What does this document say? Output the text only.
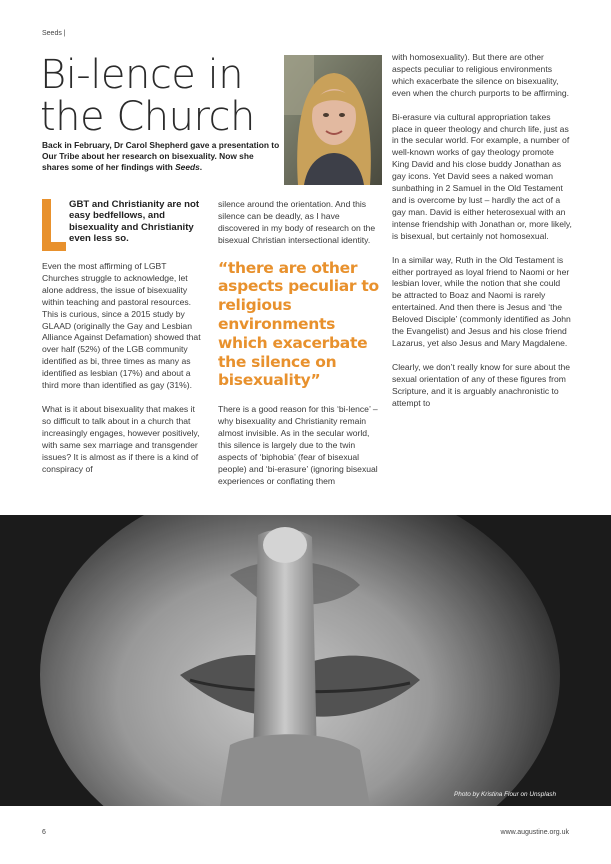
Seeds |
Bi-lence in
the Church
Back in February, Dr Carol Shepherd gave a presentation to Our Tribe about her research on bisexuality. Now she shares some of her findings with Seeds.
GBT and Christianity are not easy bedfellows, and bisexuality and Christianity even less so.

Even the most affirming of LGBT Churches struggle to acknowledge, let alone address, the issue of bisexuality within teaching and pastoral resources. This is curious, since a 2015 study by GLAAD (originally the Gay and Lesbian Alliance Against Defamation) showed that over half (52%) of the LGB community identified as bi, three times as many as identified as lesbian (17%) and about a third more than identified as gay (31%).

What is it about bisexuality that makes it so difficult to talk about in a church that increasingly engages, however positively, with same sex marriage and transgender issues? It is almost as if there is a kind of conspiracy of

silence around the orientation. And this silence can be deadly, as I have discovered in my body of research on the bisexual Christian intersectional identity.

“there are other aspects peculiar to religious environments which exacerbate the silence on bisexuality”

There is a good reason for this ‘bi-lence’ – why bisexuality and Christianity remain almost invisible. As in the secular world, this silence is largely due to the twin aspects of ‘biphobia’ (fear of bisexual people) and ‘bi-erasure’ (ignoring bisexual experiences or conflating them

with homosexuality). But there are other aspects peculiar to religious environments which exacerbate the silence on bisexuality, even when the church purports to be affirming.

Bi-erasure via cultural appropriation takes place in queer theology and church life, just as in the secular world. For example, a number of well-known works of gay theology promote King David and his close buddy Jonathan as gay icons. Yet David sees a naked woman sunbathing in 2 Samuel in the Old Testament and is overcome by lust – hardly the act of a gay man. David is either heterosexual with an intense friendship with Jonathan or, more likely, is bisexual, but certainly not homosexual.

In a similar way, Ruth in the Old Testament is either portrayed as loyal friend to Naomi or her lesbian lover, while the notion that she could be attracted to Boaz and Naomi is rarely entertained. And then there is Jesus and ‘the Beloved Disciple’ (commonly identified as John the Evangelist) and Jesus and his close friend Lazarus, yet also Jesus and Mary Magdalene.

Clearly, we don’t really know for sure about the sexual orientation of any of these figures from Scripture, and it is arguably anachronistic to attempt to

Photo by Kristina Flour on Unsplash
6	www.augustine.org.uk
